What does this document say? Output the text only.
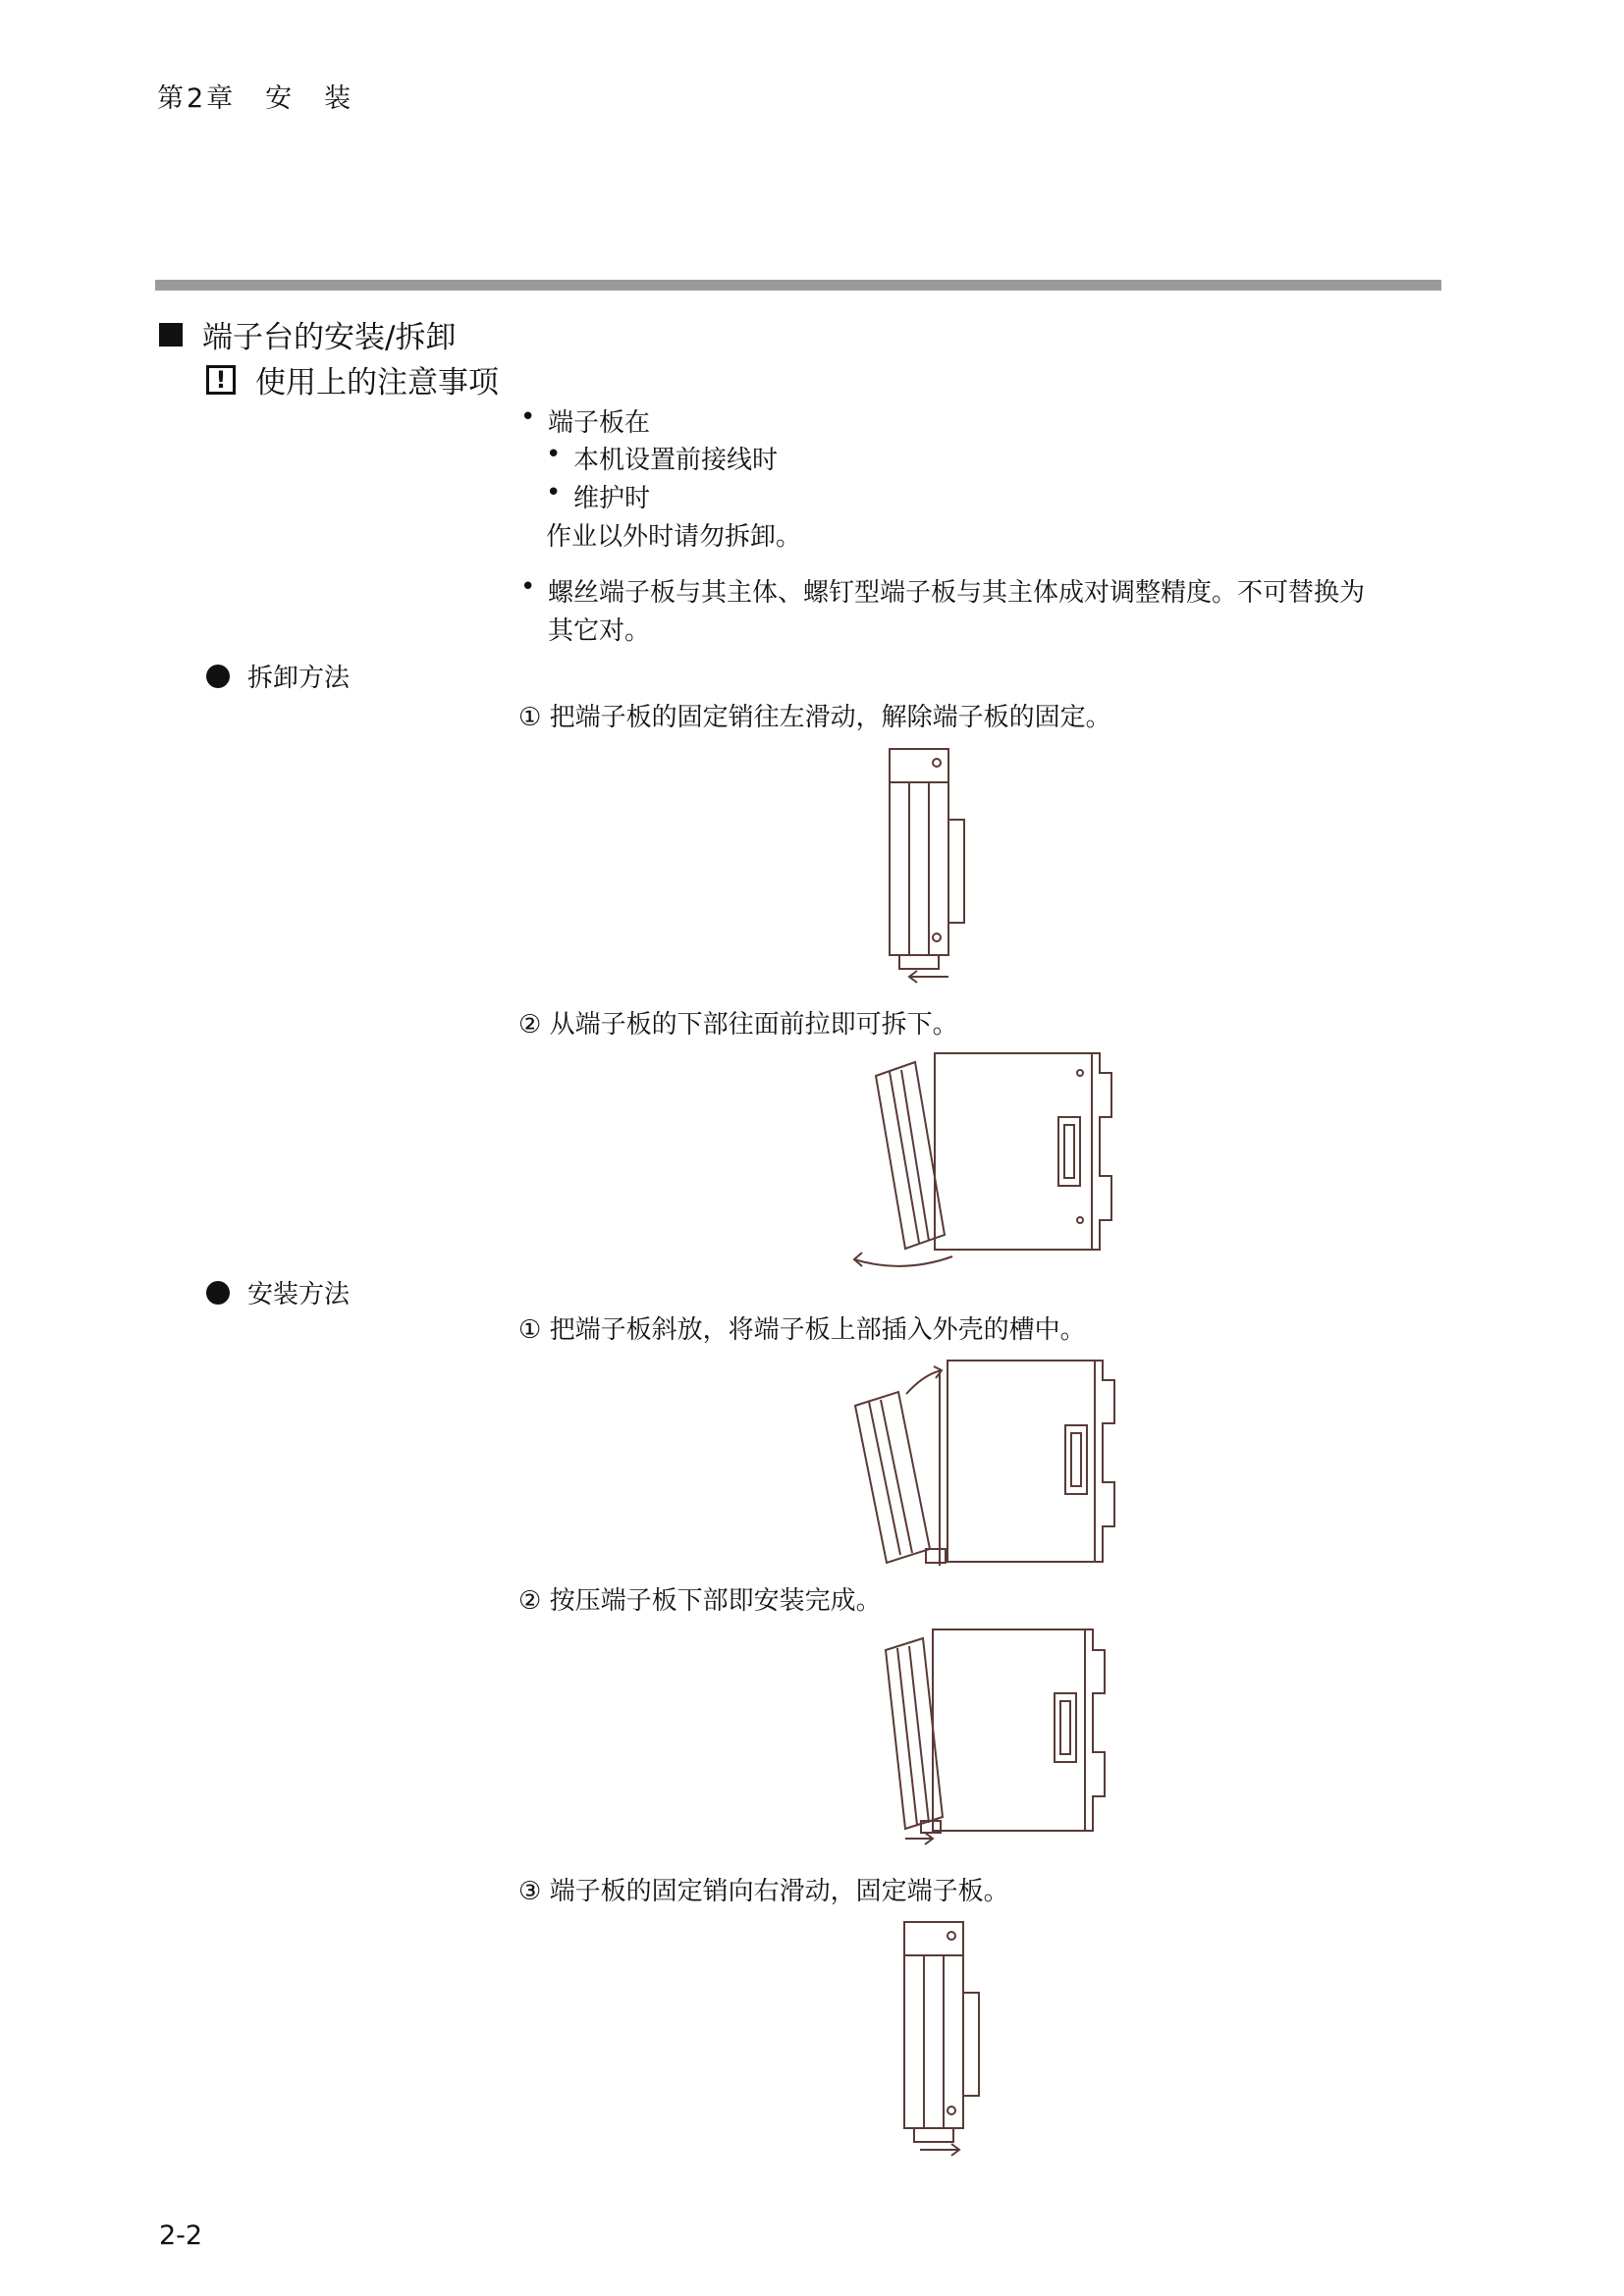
第2章　安　装
端子台的安装/拆卸
! 使用上的注意事项
• 端子板在
• 本机设置前接线时
• 维护时
作业以外时请勿拆卸。
• 螺丝端子板与其主体、螺钉型端子板与其主体成对调整精度。不可替换为
其它对。
拆卸方法
① 把端子板的固定销往左滑动，解除端子板的固定。
② 从端子板的下部往面前拉即可拆下。
安装方法
① 把端子板斜放，将端子板上部插入外壳的槽中。
② 按压端子板下部即安装完成。
③ 端子板的固定销向右滑动，固定端子板。
2-2
